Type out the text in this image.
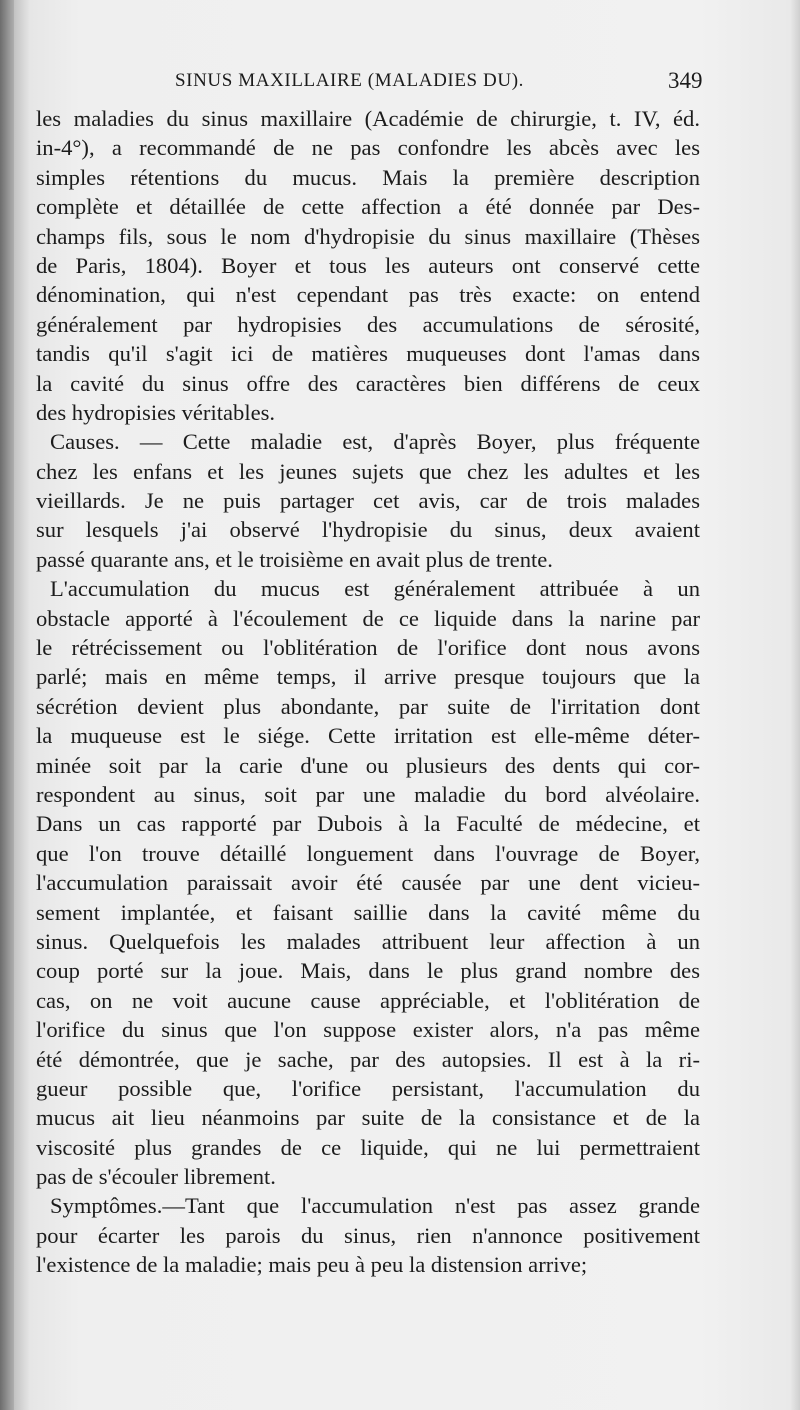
SINUS MAXILLAIRE (MALADIES DU).	349
les maladies du sinus maxillaire (Académie de chirurgie, t. IV, éd.
in-4°), a recommandé de ne pas confondre les abcès avec les
simples rétentions du mucus. Mais la première description
complète et détaillée de cette affection a été donnée par Des-
champs fils, sous le nom d'hydropisie du sinus maxillaire (Thèses
de Paris, 1804). Boyer et tous les auteurs ont conservé cette
dénomination, qui n'est cependant pas très exacte: on entend
généralement par hydropisies des accumulations de sérosité,
tandis qu'il s'agit ici de matières muqueuses dont l'amas dans
la cavité du sinus offre des caractères bien différens de ceux
des hydropisies véritables.
Causes. — Cette maladie est, d'après Boyer, plus fréquente
chez les enfans et les jeunes sujets que chez les adultes et les
vieillards. Je ne puis partager cet avis, car de trois malades
sur lesquels j'ai observé l'hydropisie du sinus, deux avaient
passé quarante ans, et le troisième en avait plus de trente.
L'accumulation du mucus est généralement attribuée à un
obstacle apporté à l'écoulement de ce liquide dans la narine par
le rétrécissement ou l'oblitération de l'orifice dont nous avons
parlé; mais en même temps, il arrive presque toujours que la
sécrétion devient plus abondante, par suite de l'irritation dont
la muqueuse est le siége. Cette irritation est elle-même déter-
minée soit par la carie d'une ou plusieurs des dents qui cor-
respondent au sinus, soit par une maladie du bord alvéolaire.
Dans un cas rapporté par Dubois à la Faculté de médecine, et
que l'on trouve détaillé longuement dans l'ouvrage de Boyer,
l'accumulation paraissait avoir été causée par une dent vicieu-
sement implantée, et faisant saillie dans la cavité même du
sinus. Quelquefois les malades attribuent leur affection à un
coup porté sur la joue. Mais, dans le plus grand nombre des
cas, on ne voit aucune cause appréciable, et l'oblitération de
l'orifice du sinus que l'on suppose exister alors, n'a pas même
été démontrée, que je sache, par des autopsies. Il est à la ri-
gueur possible que, l'orifice persistant, l'accumulation du
mucus ait lieu néanmoins par suite de la consistance et de la
viscosité plus grandes de ce liquide, qui ne lui permettraient
pas de s'écouler librement.
Symptômes.—Tant que l'accumulation n'est pas assez grande
pour écarter les parois du sinus, rien n'annonce positivement
l'existence de la maladie; mais peu à peu la distension arrive;
